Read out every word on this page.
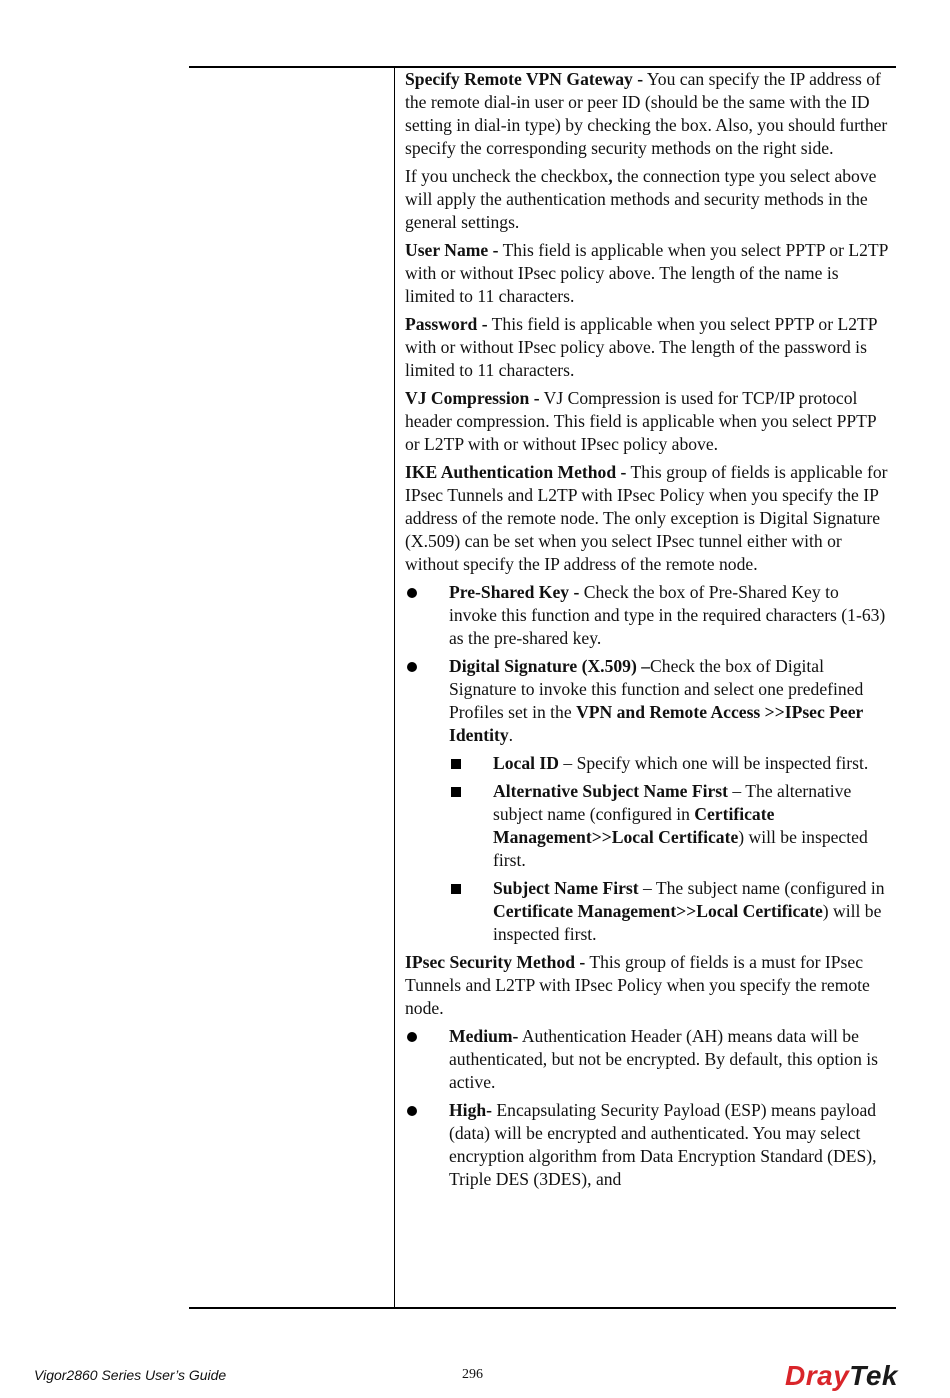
Specify Remote VPN Gateway - You can specify the IP address of the remote dial-in user or peer ID (should be the same with the ID setting in dial-in type) by checking the box. Also, you should further specify the corresponding security methods on the right side.

If you uncheck the checkbox, the connection type you select above will apply the authentication methods and security methods in the general settings.

User Name - This field is applicable when you select PPTP or L2TP with or without IPsec policy above. The length of the name is limited to 11 characters.

Password - This field is applicable when you select PPTP or L2TP with or without IPsec policy above. The length of the password is limited to 11 characters.

VJ Compression - VJ Compression is used for TCP/IP protocol header compression. This field is applicable when you select PPTP or L2TP with or without IPsec policy above.

IKE Authentication Method - This group of fields is applicable for IPsec Tunnels and L2TP with IPsec Policy when you specify the IP address of the remote node. The only exception is Digital Signature (X.509) can be set when you select IPsec tunnel either with or without specify the IP address of the remote node.

Pre-Shared Key - Check the box of Pre-Shared Key to invoke this function and type in the required characters (1-63) as the pre-shared key.
Digital Signature (X.509) –Check the box of Digital Signature to invoke this function and select one predefined Profiles set in the VPN and Remote Access >>IPsec Peer Identity.
Local ID – Specify which one will be inspected first.
Alternative Subject Name First – The alternative subject name (configured in Certificate Management>>Local Certificate) will be inspected first.
Subject Name First – The subject name (configured in Certificate Management>>Local Certificate) will be inspected first.

IPsec Security Method - This group of fields is a must for IPsec Tunnels and L2TP with IPsec Policy when you specify the remote node.

Medium- Authentication Header (AH) means data will be authenticated, but not be encrypted. By default, this option is active.
High- Encapsulating Security Payload (ESP) means payload (data) will be encrypted and authenticated. You may select encryption algorithm from Data Encryption Standard (DES), Triple DES (3DES), and
Vigor2860 Series User’s Guide	296	DrayTek
